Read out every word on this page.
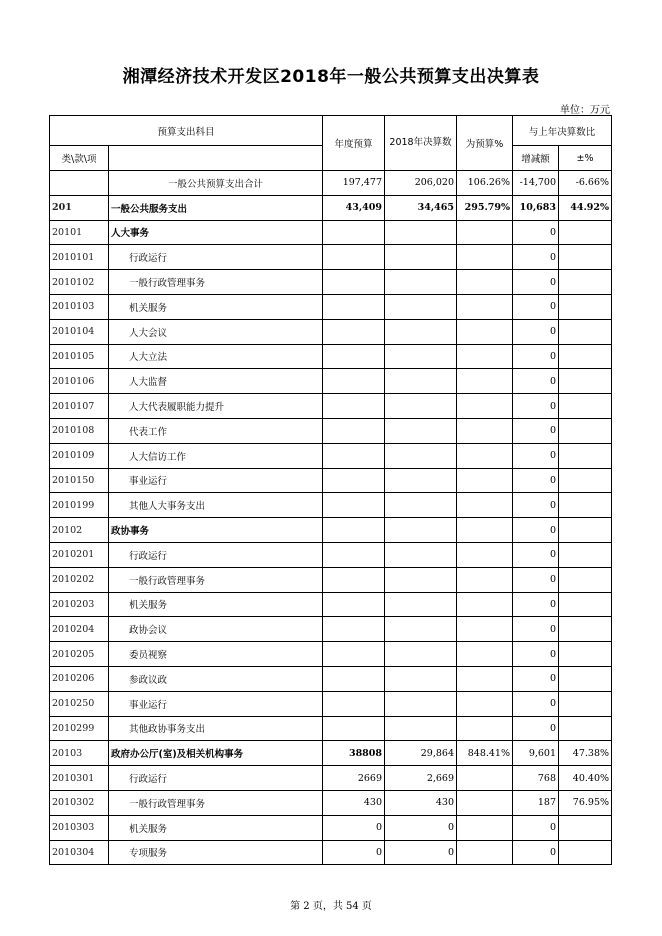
湘潭经济技术开发区2018年一般公共预算支出决算表
单位：万元
预算支出科目		年度预算	2018年决算数	为预算%	与上年决算数比	
类\款\项					增减额	±%
	一般公共预算支出合计	197,477	206,020	106.26%	-14,700	-6.66%
201	一般公共服务支出	43,409	34,465	295.79%	10,683	44.92%
20101	人大事务				0	
2010101	行政运行				0	
2010102	一般行政管理事务				0	
2010103	机关服务				0	
2010104	人大会议				0	
2010105	人大立法				0	
2010106	人大监督				0	
2010107	人大代表履职能力提升				0	
2010108	代表工作				0	
2010109	人大信访工作				0	
2010150	事业运行				0	
2010199	其他人大事务支出				0	
20102	政协事务				0	
2010201	行政运行				0	
2010202	一般行政管理事务				0	
2010203	机关服务				0	
2010204	政协会议				0	
2010205	委员视察				0	
2010206	参政议政				0	
2010250	事业运行				0	
2010299	其他政协事务支出				0	
20103	政府办公厅(室)及相关机构事务	38808	29,864	848.41%	9,601	47.38%
2010301	行政运行	2669	2,669		768	40.40%
2010302	一般行政管理事务	430	430		187	76.95%
2010303	机关服务	0	0		0	
2010304	专项服务	0	0		0	
第 2 页，共 54 页
